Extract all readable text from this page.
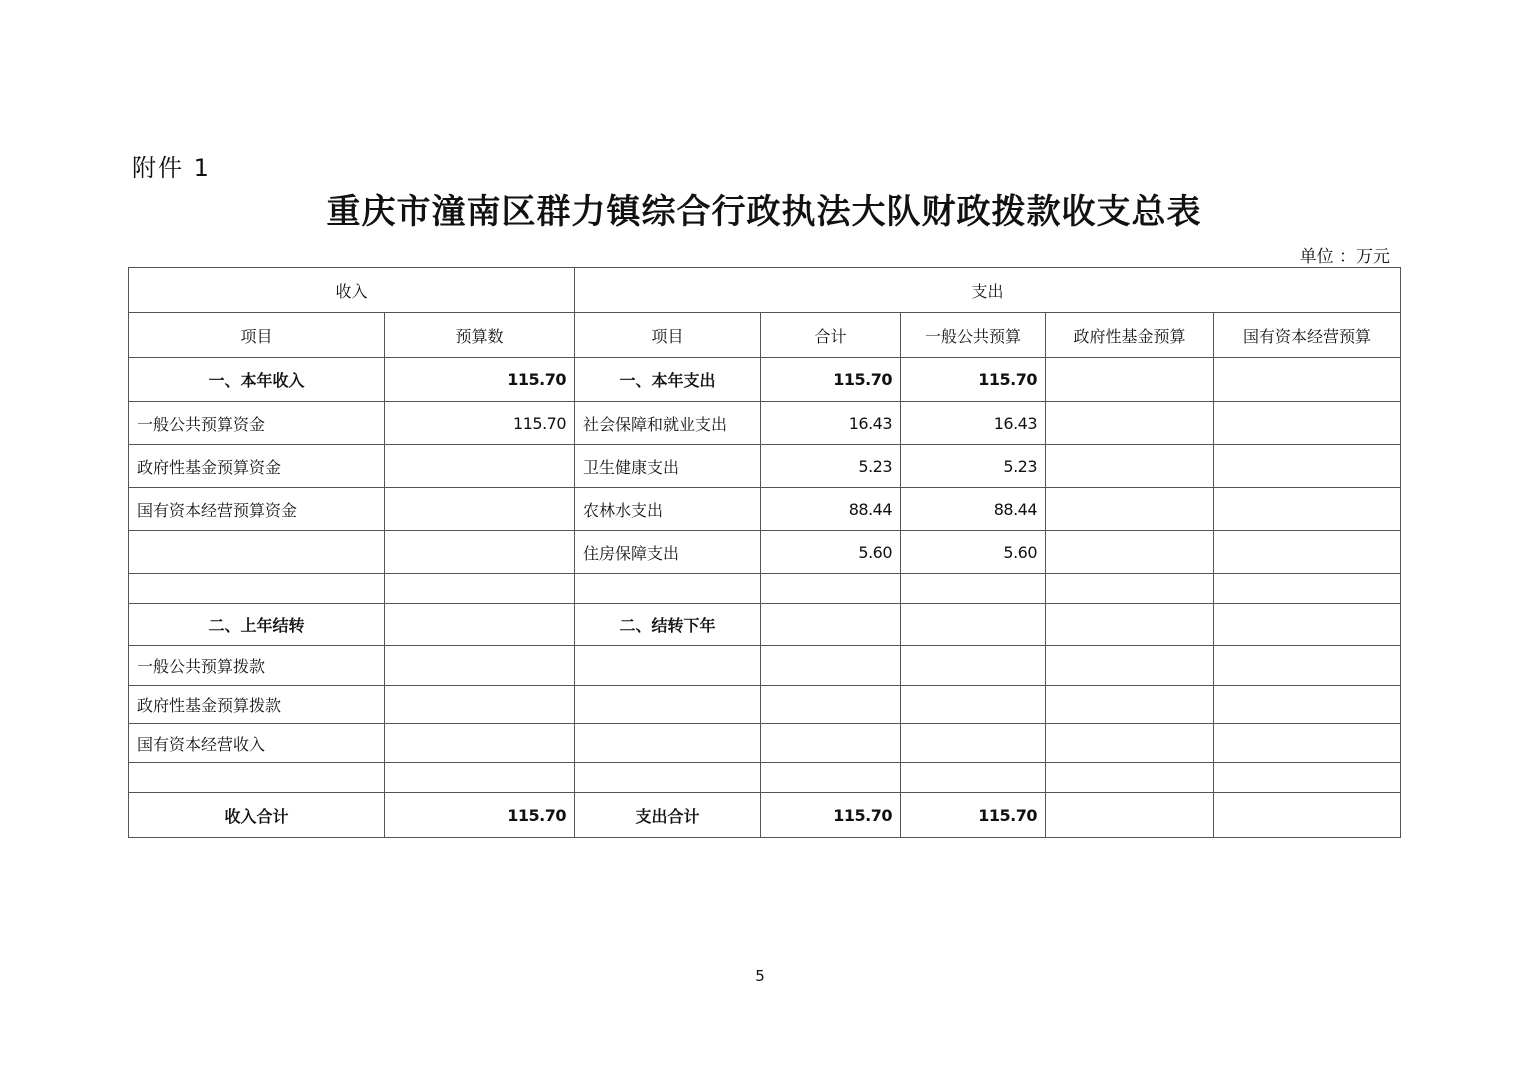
附件 1
重庆市潼南区群力镇综合行政执法大队财政拨款收支总表
单位 ：万元
收入		支出				
项目	预算数	项目	合计	一般公共预算	政府性基金预算	国有资本经营预算
一、本年收入	115.70	一、本年支出	115.70	115.70		
一般公共预算资金	115.70	社会保障和就业支出	16.43	16.43		
政府性基金预算资金		卫生健康支出	5.23	5.23		
国有资本经营预算资金		农林水支出	88.44	88.44		
		住房保障支出	5.60	5.60		

二、上年结转		二、结转下年				
一般公共预算拨款						
政府性基金预算拨款						
国有资本经营收入						

收入合计	115.70	支出合计	115.70	115.70		
5
